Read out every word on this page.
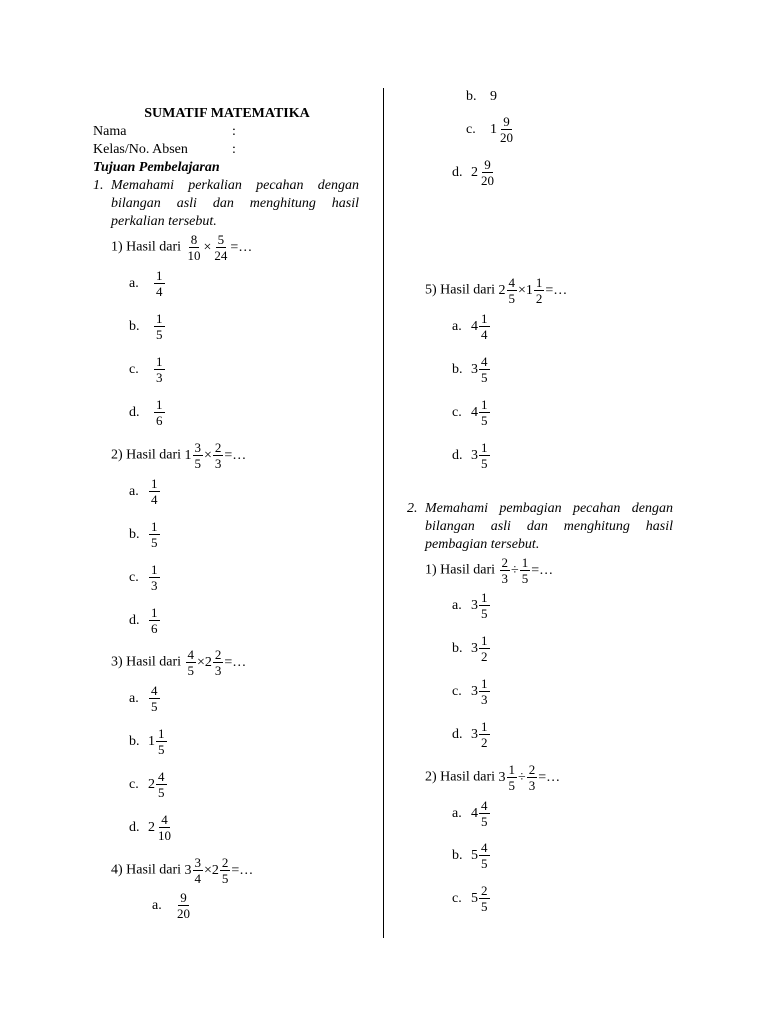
SUMATIF MATEMATIKA
Nama	:
Kelas/No. Absen	:
Tujuan Pembelajaran
1. Memahami perkalian pecahan dengan bilangan asli dan menghitung hasil perkalian tersebut.

1) Hasil dari $\frac{8}{10} \times \frac{5}{24}$ =…
a. $\frac{1}{4}$
b. $\frac{1}{5}$
c. $\frac{1}{3}$
d. $\frac{1}{6}$
2) Hasil dari $1 \frac{3}{5} \times \frac{2}{3}$ =…
a. $\frac{1}{4}$
b. $\frac{1}{5}$
c. $\frac{1}{3}$
d. $\frac{1}{6}$
3) Hasil dari $\frac{4}{5} \times 2 \frac{2}{3}$ =…
a. $\frac{4}{5}$
b. $1 \frac{1}{5}$
c. $2 \frac{4}{5}$
d. $2 \frac{4}{10}$
4) Hasil dari $3 \frac{3}{4} \times 2 \frac{2}{5}$ =…
a. $\frac{9}{20}$
b. 9
c. $1 \frac{9}{20}$
d. $2 \frac{9}{20}$
5) Hasil dari $2 \frac{4}{5} \times 1 \frac{1}{2}$ =…
a. $4 \frac{1}{4}$
b. $3 \frac{4}{5}$
c. $4 \frac{1}{5}$
d. $3 \frac{1}{5}$
2. Memahami pembagian pecahan dengan bilangan asli dan menghitung hasil pembagian tersebut.

1) Hasil dari $\frac{2}{3} \div \frac{1}{5}$ =…
a. $3 \frac{1}{5}$
b. $3 \frac{1}{2}$
c. $3 \frac{1}{3}$
d. $3 \frac{1}{2}$
2) Hasil dari $3 \frac{1}{5} \div \frac{2}{3}$ =…
a. $4 \frac{4}{5}$
b. $5 \frac{4}{5}$
c. $5 \frac{2}{5}$
